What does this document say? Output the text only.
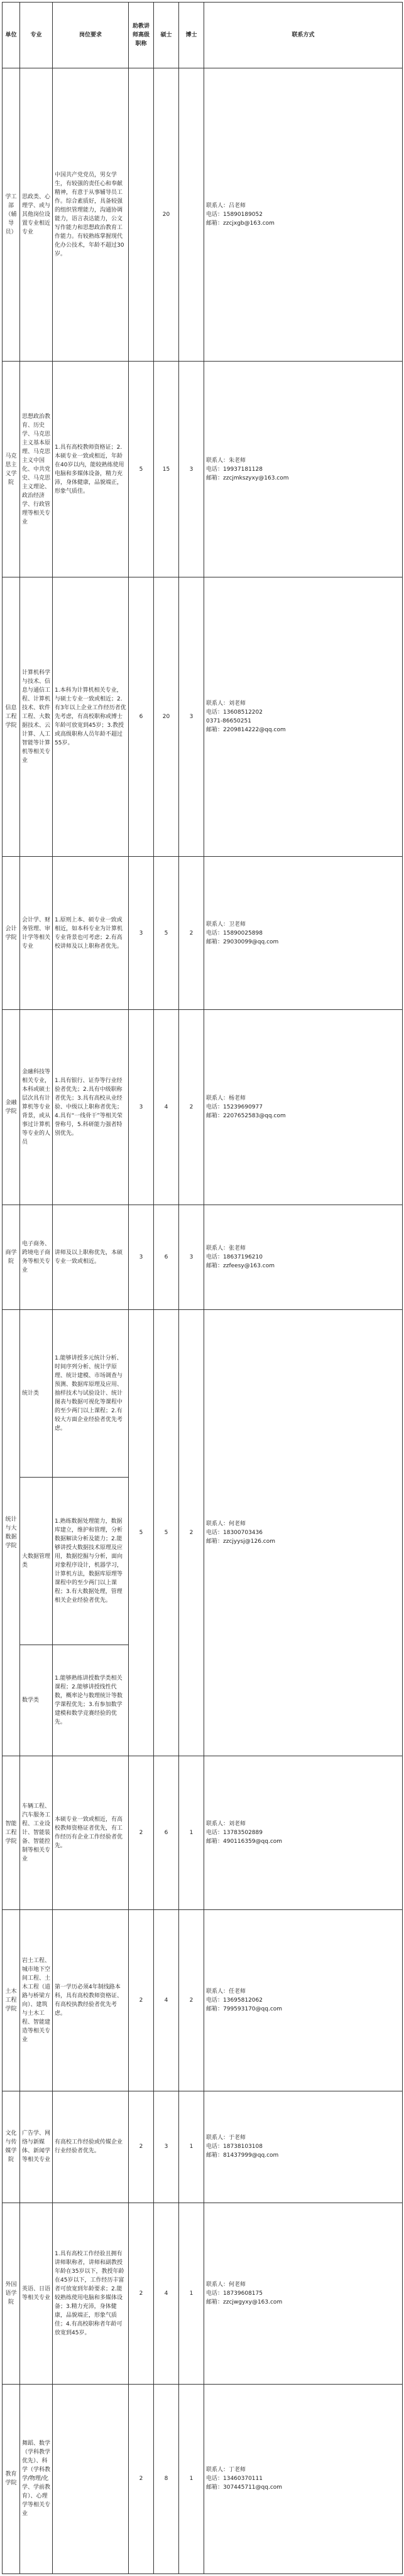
单位	专业	岗位要求	助教讲师高级职称	硕士	博士	联系方式
学工部（辅导员）	思政类、心理学、或与其他岗位设置专业相近专业	中国共产党党员，男女学生，有较强的责任心和奉献精神，有意于从事辅导员工作。综合素质好，具备较强的组织管理能力，沟通协调能力，语言表达能力，公文写作能力和思想政治教育工作能力。有较熟练掌握现代化办公技术，年龄不超过30岁。		20		联系人：吕老师
电话：15890189052
邮箱：zzcjxgb@163.com
马克思主义学院	思想政治教育、历史学、马克思主义基本原理、马克思主义中国化、中共党史、马克思主义理论、政治经济学、行政管理等相关专业	1.具有高校教师资格证；2.本硕专业一致或相近，年龄在40岁以内，能较熟练使用电脑和多媒体设备，精力充沛，身体健康，品貌端正，形象气质佳。	5	15	3	联系人：朱老师
电话：19937181128
邮箱：zzcjmkszyxy@163.com
信息工程学院	计算机科学与技术、信息与通信工程、计算机技术、软件工程、大数据技术、云计算、人工智能等计算机等相关专业	1.本科为计算机相关专业，与硕士专业一致或相近；2.有3年以上企业工作经历者优先考虑，有高校职称或博士年龄可放宽到45岁；3.教授或高级职称人员年龄不超过55岁。	6	20	3	联系人：刘老师
电话：13608512202
0371-86650251
邮箱：2209814222@qq.com
会计学院	会计学、财务管理、审计学等相关专业	1.原则上本、硕专业一致或相近，如本科专业为计算机专业背景也可考虑；2.有高校讲师及以上职称者优先。	3	5	2	联系人：卫老师
电话：15890025898
邮箱：29030099@qq.com
金融学院	金融科技等相关专业，本科或硕士层次具有计算机等专业背景，或从事过计算机等专业的人员	1.具有银行、证券等行业经验者优先；2.具有中级职称者优先；3.具有高校从业经验、中级以上职称者优先；4.具有“一线骨干”等相关荣誉称号，5.科研能力强者特别优先。	3	4	2	联系人：杨老师
电话：15239690977
邮箱：2207652583@qq.com
商学院	电子商务、跨境电子商务等相关专业	讲师及以上职称优先，本硕专业一致或相近。	3	6	3	联系人：张老师
电话：18637196210
邮箱：zzfeesy@163.com
统计与大数据学院	统计类	1.能够讲授多元统计分析、时间序列分析、统计学原理、统计建模、市场调查与预测、数据库原理及应用、抽样技术与试验设计、统计图表与数据可视化等课程中的至少两门以上课程；2.有较大方面企业经验者优先考虑。	5	5	2	联系人：何老师
电话：18300703436
邮箱：zzcjyysj@126.com
	大数据管理类	1.熟练数据处理能力，数据库建立，维护和管理，分析数据解读分析及能力；2.能够讲授大数据技术原理及应用，数据挖掘与分析，面向对象程序设计，机器学习，计算机方法，数据库原理等课程中的至少两门以上课程；3.有大数据处理，管理相关企业经验者优先。				
	数学类	1.能够熟练讲授数学类相关课程；2.能够讲授线性代数，概率论与数理统计等数学课程优先；3.有参加数学建模和数学竞赛经验的优先。				
智能工程学院	车辆工程、汽车服务工程、工业设计、智能装备、智能控制等相关专业	本硕专业一致或相近，有高校教师资格证者优先，有工作经历有企业工作经验者优先。	2	6	1	联系人：刘老师
电话：13783502889
邮箱：490116359@qq.com
土木工程学院	岩土工程、城市地下空间工程、土木工程（道路与桥梁方向）、建筑与土木工程、智能建造等相关专业	第一学历必须4年制线路本科，具有高校教师资格证、有高校执教经验者优先考虑。	2	4	2	联系人：任老师
电话：13695812062
邮箱：799593170@qq.com
文化与传媒学院	广告学、网络与新媒体、新闻学等相关专业	有高校工作经验或传媒企业行业经验者优先。	2	3	1	联系人：于老师
电话：18738103108
邮箱：81437999@qq.com
外国语学院	英语、日语等相关专业	1.具有高校工作经验且拥有讲师职称者，讲师和副教授年龄在35岁以下，教授年龄在45岁以下，工作经历丰富者可放宽到年龄要求；2.能较熟练使用电脑和多媒体设备；3.精力充沛，身体健康，品貌端正，形象气质佳；4.有高校职称者年龄可放宽到45岁。	2	4	1	联系人：何老师
电话：18739608175
邮箱：zzcjwgyxy@163.com
教育学院	舞蹈、数学（学科教学优先）、科学（学科教学/物理/化学、学前教育）、心理学等相关专业		2	8	1	联系人：丁老师
电话：13460370111
邮箱：307445711@qq.com
